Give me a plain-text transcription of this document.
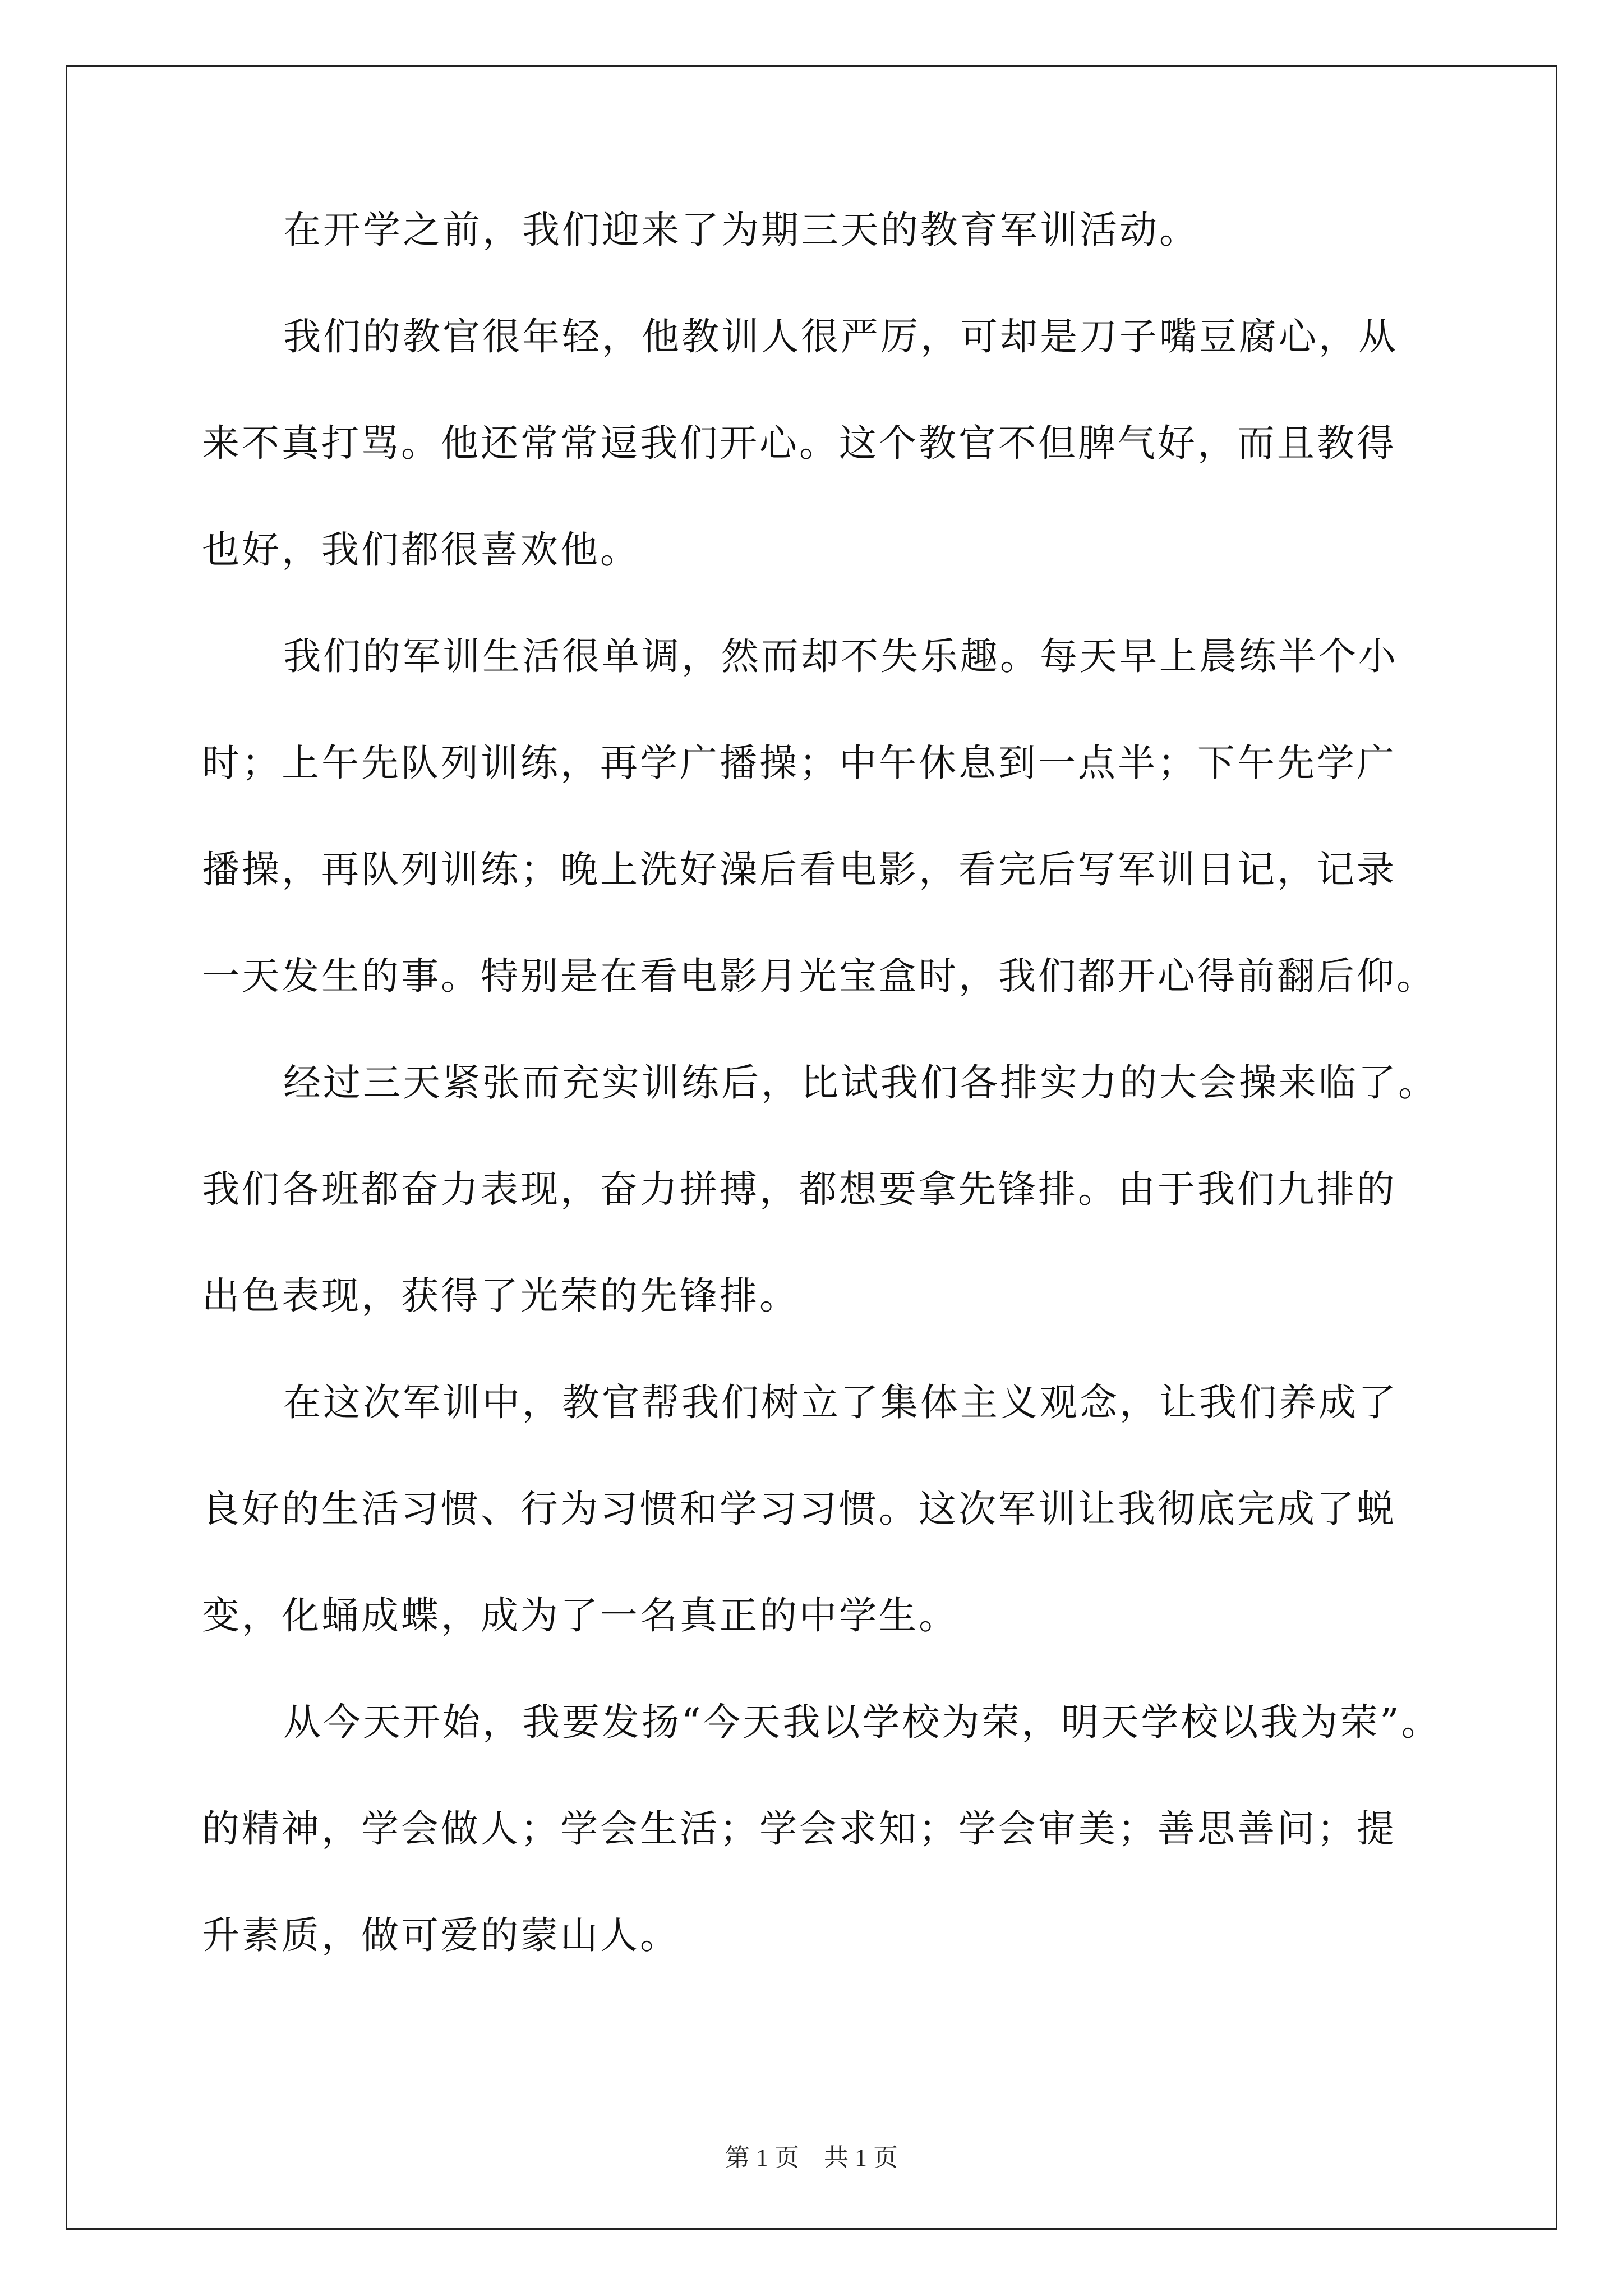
在开学之前，我们迎来了为期三天的教育军训活动。
我们的教官很年轻，他教训人很严厉，可却是刀子嘴豆腐心，从
来不真打骂。他还常常逗我们开心。这个教官不但脾气好，而且教得
也好，我们都很喜欢他。
我们的军训生活很单调，然而却不失乐趣。每天早上晨练半个小
时；上午先队列训练，再学广播操；中午休息到一点半；下午先学广
播操，再队列训练；晚上洗好澡后看电影，看完后写军训日记，记录
一天发生的事。特别是在看电影月光宝盒时，我们都开心得前翻后仰。
经过三天紧张而充实训练后，比试我们各排实力的大会操来临了。
我们各班都奋力表现，奋力拼搏，都想要拿先锋排。由于我们九排的
出色表现，获得了光荣的先锋排。
在这次军训中，教官帮我们树立了集体主义观念，让我们养成了
良好的生活习惯、行为习惯和学习习惯。这次军训让我彻底完成了蜕
变，化蛹成蝶，成为了一名真正的中学生。
从今天开始，我要发扬“今天我以学校为荣，明天学校以我为荣”。
的精神，学会做人；学会生活；学会求知；学会审美；善思善问；提
升素质，做可爱的蒙山人。
第 1 页　共 1 页
